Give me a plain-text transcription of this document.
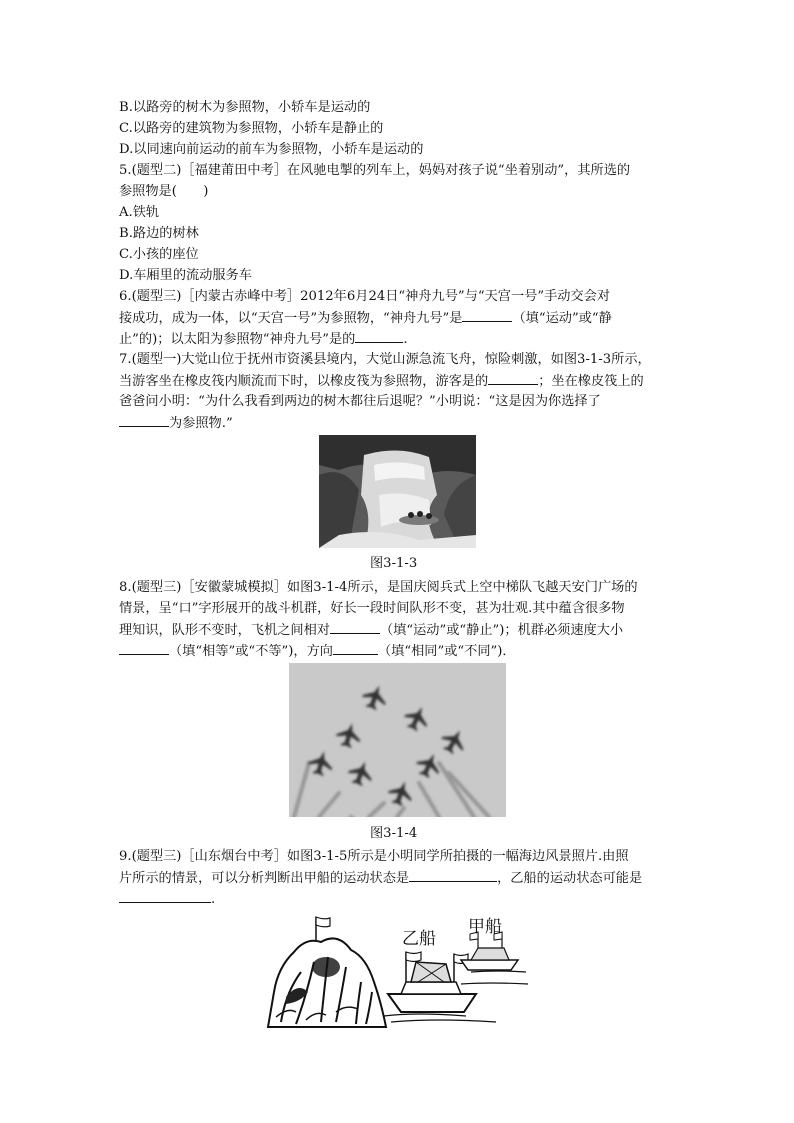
B.以路旁的树木为参照物，小轿车是运动的
C.以路旁的建筑物为参照物，小轿车是静止的
D.以同速向前运动的前车为参照物，小轿车是运动的
5.(题型二)［福建莆田中考］在风驰电掣的列车上，妈妈对孩子说“坐着别动”，其所选的
参照物是(　　)
A.铁轨
B.路边的树林
C.小孩的座位
D.车厢里的流动服务车
6.(题型三)［内蒙古赤峰中考］2012年6月24日“神舟九号”与“天宫一号”手动交会对
接成功，成为一体，以“天宫一号”为参照物，“神舟九号”是	（填“运动”或“静
止”的)；以太阳为参照物“神舟九号”是的	.
7.(题型一)大觉山位于抚州市资溪县境内，大觉山源急流飞舟，惊险刺激，如图3-1-3所示，
当游客坐在橡皮筏内顺流而下时，以橡皮筏为参照物，游客是的	；坐在橡皮筏上的
爸爸问小明：“为什么我看到两边的树木都往后退呢？”小明说：“这是因为你选择了
为参照物.”
图3-1-3
8.(题型三)［安徽蒙城模拟］如图3-1-4所示，是国庆阅兵式上空中梯队飞越天安门广场的
情景，呈“口”字形展开的战斗机群，好长一段时间队形不变，甚为壮观.其中蕴含很多物
理知识，队形不变时，飞机之间相对	（填“运动”或“静止”)；机群必须速度大小
（填“相等”或“不等”)，方向	（填“相同”或“不同”)．
图3-1-4
9.(题型三)［山东烟台中考］如图3-1-5所示是小明同学所拍摄的一幅海边风景照片.由照
片所示的情景，可以分析判断出甲船的运动状态是	，乙船的运动状态可能是
.
乙船
甲船
